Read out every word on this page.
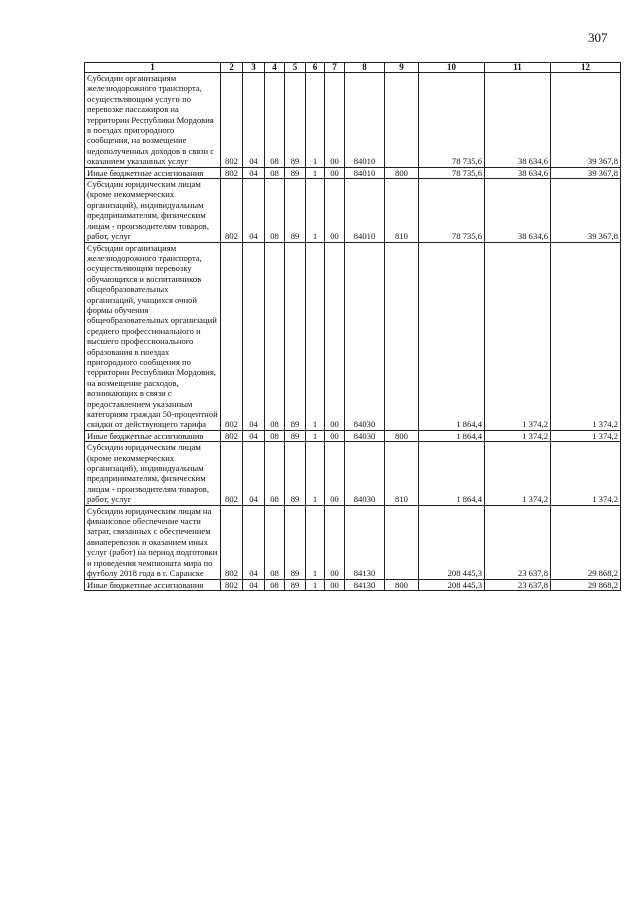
307
1	2	3	4	5	6	7	8	9	10	11	12
Субсидии организациям железнодорожного транспорта, осуществляющим услуги по перевозке пассажиров на территории Республики Мордовия в поездах пригородного сообщения, на возмещение недополученных доходов в связи с оказанием указанных услуг	802	04	08	89	1	00	84010		78 735,6	38 634,6	39 367,8
Иные бюджетные ассигнования	802	04	08	89	1	00	84010	800	78 735,6	38 634,6	39 367,8
Субсидии юридическим лицам (кроме некоммерческих организаций), индивидуальным предпринимателям, физическим лицам - производителям товаров, работ, услуг	802	04	08	89	1	00	84010	810	78 735,6	38 634,6	39 367,8
Субсидии организациям железнодорожного транспорта, осуществляющим перевозку обучающихся и воспитанников общеобразовательных организаций, учащихся очной формы обучения общеобразовательных организаций среднего профессионального и высшего профессионального образования в поездах пригородного сообщения по территории Республики Мордовия, на возмещение расходов, возникающих в связи с предоставлением указанным категориям граждан 50-процентной скидки от действующего тарифа	802	04	08	89	1	00	84030		1 864,4	1 374,2	1 374,2
Иные бюджетные ассигнования	802	04	08	89	1	00	84030	800	1 864,4	1 374,2	1 374,2
Субсидии юридическим лицам (кроме некоммерческих организаций), индивидуальным предпринимателям, физическим лицам - производителям товаров, работ, услуг	802	04	08	89	1	00	84030	810	1 864,4	1 374,2	1 374,2
Субсидии юридическим лицам на финансовое обеспечение части затрат, связанных с обеспечением авиаперевозок и оказанием иных услуг (работ) на период подготовки и проведения чемпионата мира по футболу 2018 года в г. Саранске	802	04	08	89	1	00	84130		208 445,3	23 637,8	29 868,2
Иные бюджетные ассигнования	802	04	08	89	1	00	84130	800	208 445,3	23 637,8	29 868,2
